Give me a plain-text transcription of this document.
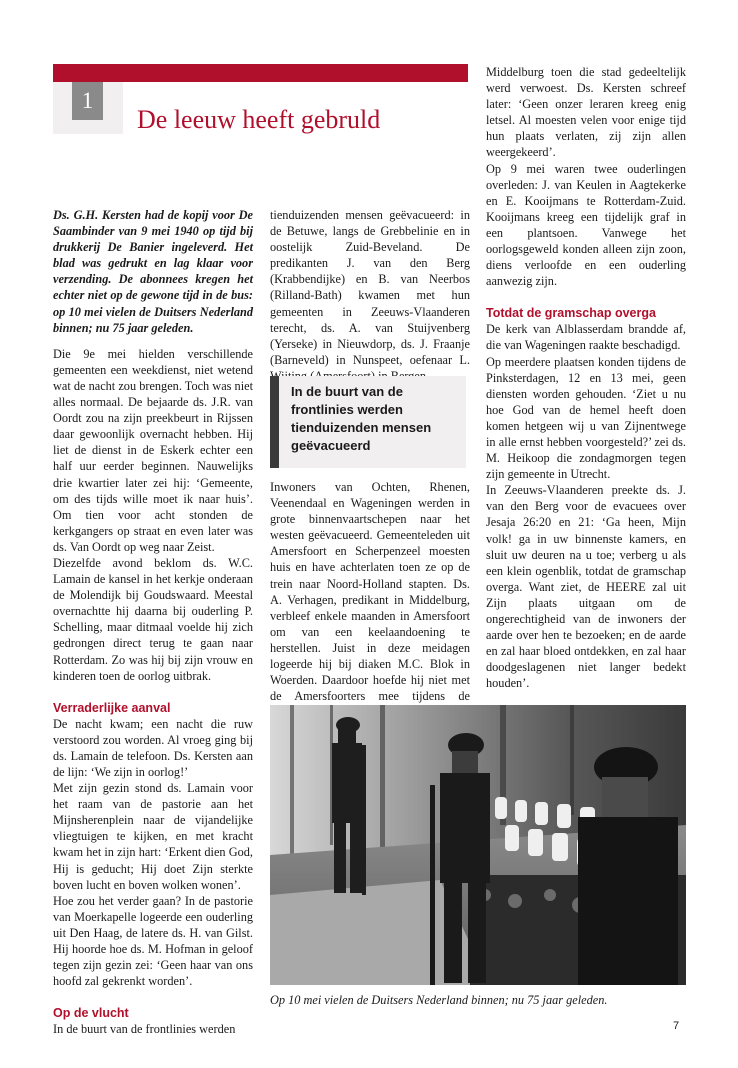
1
De leeuw heeft gebruld

Ds. G.H. Kersten had de kopij voor De Saambinder van 9 mei 1940 op tijd bij drukkerij De Banier ingeleverd. Het blad was gedrukt en lag klaar voor verzending. De abonnees kregen het echter niet op de gewone tijd in de bus: op 10 mei vielen de Duitsers Nederland binnen; nu 75 jaar geleden.

Die 9e mei hielden verschillende gemeenten een weekdienst, niet wetend wat de nacht zou brengen. Toch was niet alles normaal. De bejaarde ds. J.R. van Oordt zou na zijn preekbeurt in Rijssen daar gewoonlijk overnacht hebben. Hij liet de dienst in de Eskerk echter een half uur eerder beginnen. Nauwelijks drie kwartier later zei hij: ‘Gemeente, om des tijds wille moet ik naar huis’. Om tien voor acht stonden de kerkgangers op straat en even later was ds. Van Oordt op weg naar Zeist.

Diezelfde avond beklom ds. W.C. Lamain de kansel in het kerkje onderaan de Molendijk bij Goudswaard. Meestal overnachtte hij daarna bij ouderling P. Schelling, maar ditmaal voelde hij zich gedrongen direct terug te gaan naar Rotterdam. Zo was hij bij zijn vrouw en kinderen toen de oorlog uitbrak.

Verraderlijke aanval

De nacht kwam; een nacht die ruw verstoord zou worden. Al vroeg ging bij ds. Lamain de telefoon. Ds. Kersten aan de lijn: ‘We zijn in oorlog!’

Met zijn gezin stond ds. Lamain voor het raam van de pastorie aan het Mijnsherenplein naar de vijandelijke vliegtuigen te kijken, en met kracht kwam het in zijn hart: ‘Erkent dien God, Hij is geducht; Hij doet Zijn sterkte boven lucht en boven wolken wonen’.

Hoe zou het verder gaan? In de pastorie van Moerkapelle logeerde een ouderling uit Den Haag, de latere ds. H. van Gilst. Hij hoorde hoe ds. M. Hofman in geloof tegen zijn gezin zei: ‘Geen haar van ons hoofd zal gekrenkt worden’.

Op de vlucht

In de buurt van de frontlinies werden

tienduizenden mensen geëvacueerd: in de Betuwe, langs de Grebbelinie en in oostelijk Zuid-Beveland. De predikanten J. van den Berg (Krabbendijke) en B. van Neerbos (Rilland-Bath) kwamen met hun gemeenten in Zeeuws-Vlaanderen terecht, ds. A. van Stuijvenberg (Yerseke) in Nieuwdorp, ds. J. Fraanje (Barneveld) in Nunspeet, oefenaar L.

In de buurt van de frontlinies werden tienduizenden mensen geëvacueerd

Inwoners van Ochten, Rhenen, Veenendaal en Wageningen werden in grote binnenvaartschepen naar het westen geëvacueerd. Gemeenteleden uit Amersfoort en Scherpenzeel moesten huis en have achterlaten toen ze op de trein naar Noord-Holland stapten. Ds. A. Verhagen, predikant in Middelburg, verbleef enkele maanden in Amersfoort om van een keelaandoening te herstellen. Juist in deze meidagen logeerde hij bij diaken M.C. Blok in Woerden. Daardoor hoefde hij niet met de Amersfoorters mee tijdens de

Middelburg toen die stad gedeeltelijk werd verwoest. Ds. Kersten schreef later: ‘Geen onzer leraren kreeg enig letsel. Al moesten velen voor enige tijd hun plaats verlaten, zij zijn allen weergekeerd’.

Op 9 mei waren twee ouderlingen overleden: J. van Keulen in Aagtekerke en E. Kooijmans te Rotterdam-Zuid. Kooijmans kreeg een tijdelijk graf in een plantsoen. Vanwege het oorlogsgeweld konden alleen zijn zoon, diens verloofde en een ouderling aanwezig zijn.

Totdat de gramschap overga

De kerk van Alblasserdam brandde af, die van Wageningen raakte beschadigd.

Op meerdere plaatsen konden tijdens de Pinksterdagen, 12 en 13 mei, geen diensten worden gehouden. ‘Ziet u nu hoe God van de hemel heeft doen komen hetgeen wij u van Zijnentwege in alle ernst hebben voorgesteld?’ zei ds. M. Heikoop die zondagmorgen tegen zijn gemeente in Utrecht.

In Zeeuws-Vlaanderen preekte ds. J. van den Berg voor de evacuees over Jesaja 26:20 en 21: ‘Ga heen, Mijn volk! ga in uw binnenste kamers, en sluit uw deuren na u toe; verberg u als een klein ogenblik, totdat de gramschap overga. Want ziet, de HEERE zal uit Zijn plaats uitgaan om de ongerechtigheid van de inwoners der aarde over hen te bezoeken; en de aarde en zal haar bloed ontdekken, en zal haar doodgeslagenen niet langer bedekt houden’.

Op 10 mei vielen de Duitsers Nederland binnen; nu 75 jaar geleden.
7
